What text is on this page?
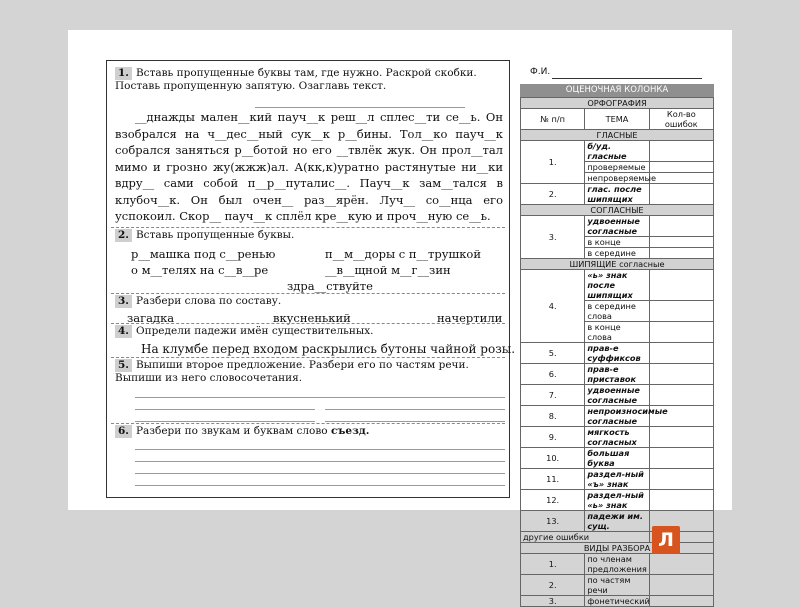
1. Вставь пропущенные буквы там, где нужно. Раскрой скобки. Поставь пропущенную запятую. Озаглавь текст.
__днажды мален__кий пауч__к реш__л сплес__ти се__ь. Он взобрался на ч__дес__ный сук__к р__бины. Тол__ко пауч__к собрался заняться р__ботой но его __твлёк жук. Он прол__тал мимо и грозно жу(жжж)ал. А(кк,к)уратно растянутые ни__ки вдру__ сами собой п__р__путалис__. Пауч__к зам__тался в клубоч__к. Он был очен__ раз__ярён. Луч__ со__нца его успокоил. Скор__ пауч__к сплёл кре__кую и проч__ную се__ь.
2. Вставь пропущенные буквы.
р__машка под с__ренью	п__м__доры с п__трушкой
о м__телях на с__в__ре	__в__щной м__г__зин
здра__ствуйте
3. Разбери слова по составу.
загадка	вкусненький	начертили
4. Определи падежи имён существительных.
На клумбе перед входом раскрылись бутоны чайной розы.
5. Выпиши второе предложение. Разбери его по частям речи. Выпиши из него словосочетания.
6. Разбери по звукам и буквам слово съезд.
Ф.И.
ОЦЕНОЧНАЯ КОЛОНКА
ОРФОГРАФИЯ		
№ п/п	ТЕМА	Кол-во ошибок
ГЛАСНЫЕ		
1.	б/уд. гласные	
	проверяемые	
	непроверяемые	
2.	глас. после шипящих	
СОГЛАСНЫЕ		
3.	удвоенные согласные	
	в конце	
	в середине	
ШИПЯЩИЕ согласные		
4.	«ь» знак после шипящих	
	в середине слова	
	в конце слова	
5.	прав-е суффиксов	
6.	прав-е приставок	
7.	удвоенные согласные	
8.	непроизносимые согласные	
9.	мягкость согласных	
10.	большая буква	
11.	раздел-ный «ъ» знак	
12.	раздел-ный «ь» знак	
13.	падежи им. сущ.	
другие ошибки		
ВИДЫ РАЗБОРА		
1.	по членам предложения	
2.	по частям речи	
3.	фонетический	
Л
